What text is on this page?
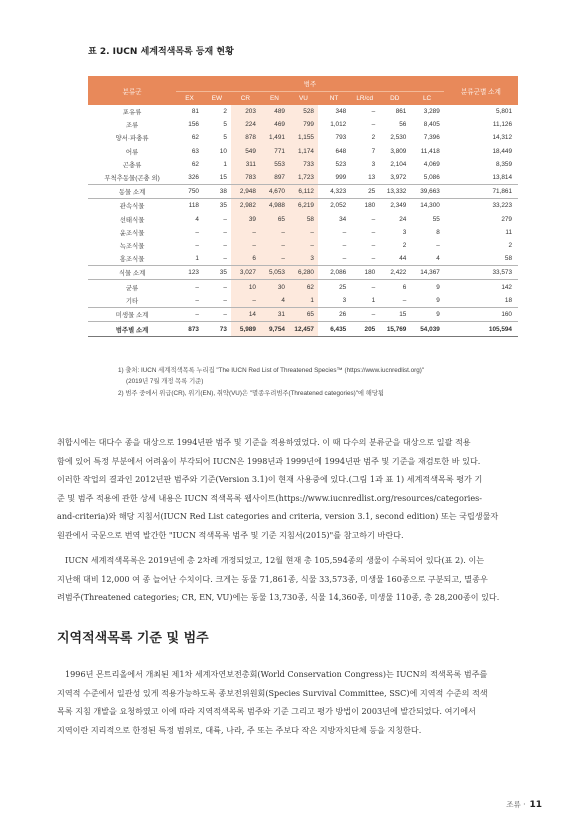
표 2. IUCN 세계적색목록 등재 현황
분류군	범주									분류군별 소계
	EX	EW	CR	EN	VU	NT	LR/cd	DD	LC	
포유류	81	2	203	489	528	348	–	861	3,289	5,801
조류	156	5	224	469	799	1,012	–	56	8,405	11,126
양서·파충류	62	5	878	1,491	1,155	793	2	2,530	7,396	14,312
어류	63	10	549	771	1,174	648	7	3,809	11,418	18,449
곤충류	62	1	311	553	733	523	3	2,104	4,069	8,359
무척추동물(곤충 외)	326	15	783	897	1,723	999	13	3,972	5,086	13,814
동물 소계	750	38	2,948	4,670	6,112	4,323	25	13,332	39,663	71,861
관속식물	118	35	2,982	4,988	6,219	2,052	180	2,349	14,300	33,223
선태식물	4	–	39	65	58	34	–	24	55	279
윤조식물	–	–	–	–	–	–	–	3	8	11
녹조식물	–	–	–	–	–	–	–	2	–	2
홍조식물	1	–	6	–	3	–	–	44	4	58
식물 소계	123	35	3,027	5,053	6,280	2,086	180	2,422	14,367	33,573
균류	–	–	10	30	62	25	–	6	9	142
기타	–	–	–	4	1	3	1	–	9	18
미생물 소계	–	–	14	31	65	26	–	15	9	160
범주별 소계	873	73	5,989	9,754	12,457	6,435	205	15,769	54,039	105,594
1) 출처: IUCN 세계적색목록 누리집 "The IUCN Red List of Threatened Species™ (https://www.iucnredlist.org)"
(2019년 7월 개정 목록 기준)
2) 범주 중에서 위급(CR), 위기(EN), 취약(VU)은 "멸종우려범주(Threatened categories)"에 해당됨
취합시에는 대다수 종을 대상으로 1994년판 범주 및 기준을 적용하였었다. 이 때 다수의 분류군을 대상으로 일괄 적용
함에 있어 특정 부분에서 어려움이 부각되어 IUCN은 1998년과 1999년에 1994년판 범주 및 기준을 재검토한 바 있다.
이러한 작업의 결과인 2012년판 범주와 기준(Version 3.1)이 현재 사용중에 있다.(그림 1과 표 1) 세계적색목록 평가 기
준 및 범주 적용에 관한 상세 내용은 IUCN 적색목록 웹사이트(https://www.iucnredlist.org/resources/categories-
and-criteria)와 해당 지침서(IUCN Red List categories and criteria, version 3.1, second edition) 또는 국립생물자
원관에서 국문으로 번역 발간한 "IUCN 적색목록 범주 및 기준 지침서(2015)"를 참고하기 바란다.
IUCN 세계적색목록은 2019년에 총 2차례 개정되었고, 12월 현재 총 105,594종의 생물이 수록되어 있다(표 2). 이는
지난해 대비 12,000 여 종 늘어난 수치이다. 크게는 동물 71,861종, 식물 33,573종, 미생물 160종으로 구분되고, 멸종우
려범주(Threatened categories; CR, EN, VU)에는 동물 13,730종, 식물 14,360종, 미생물 110종, 총 28,200종이 있다.
지역적색목록 기준 및 범주
1996년 몬트리올에서 개최된 제1차 세계자연보전총회(World Conservation Congress)는 IUCN의 적색목록 범주를
지역적 수준에서 일관성 있게 적용가능하도록 종보전위원회(Species Survival Committee, SSC)에 지역적 수준의 적색
목록 지침 개발을 요청하였고 이에 따라 지역적색목록 범주와 기준 그리고 평가 방법이 2003년에 발간되었다. 여기에서
지역이란 지리적으로 한정된 특정 범위로, 대륙, 나라, 주 또는 주보다 작은 지방자치단체 등을 지칭한다.
조류 · 11
